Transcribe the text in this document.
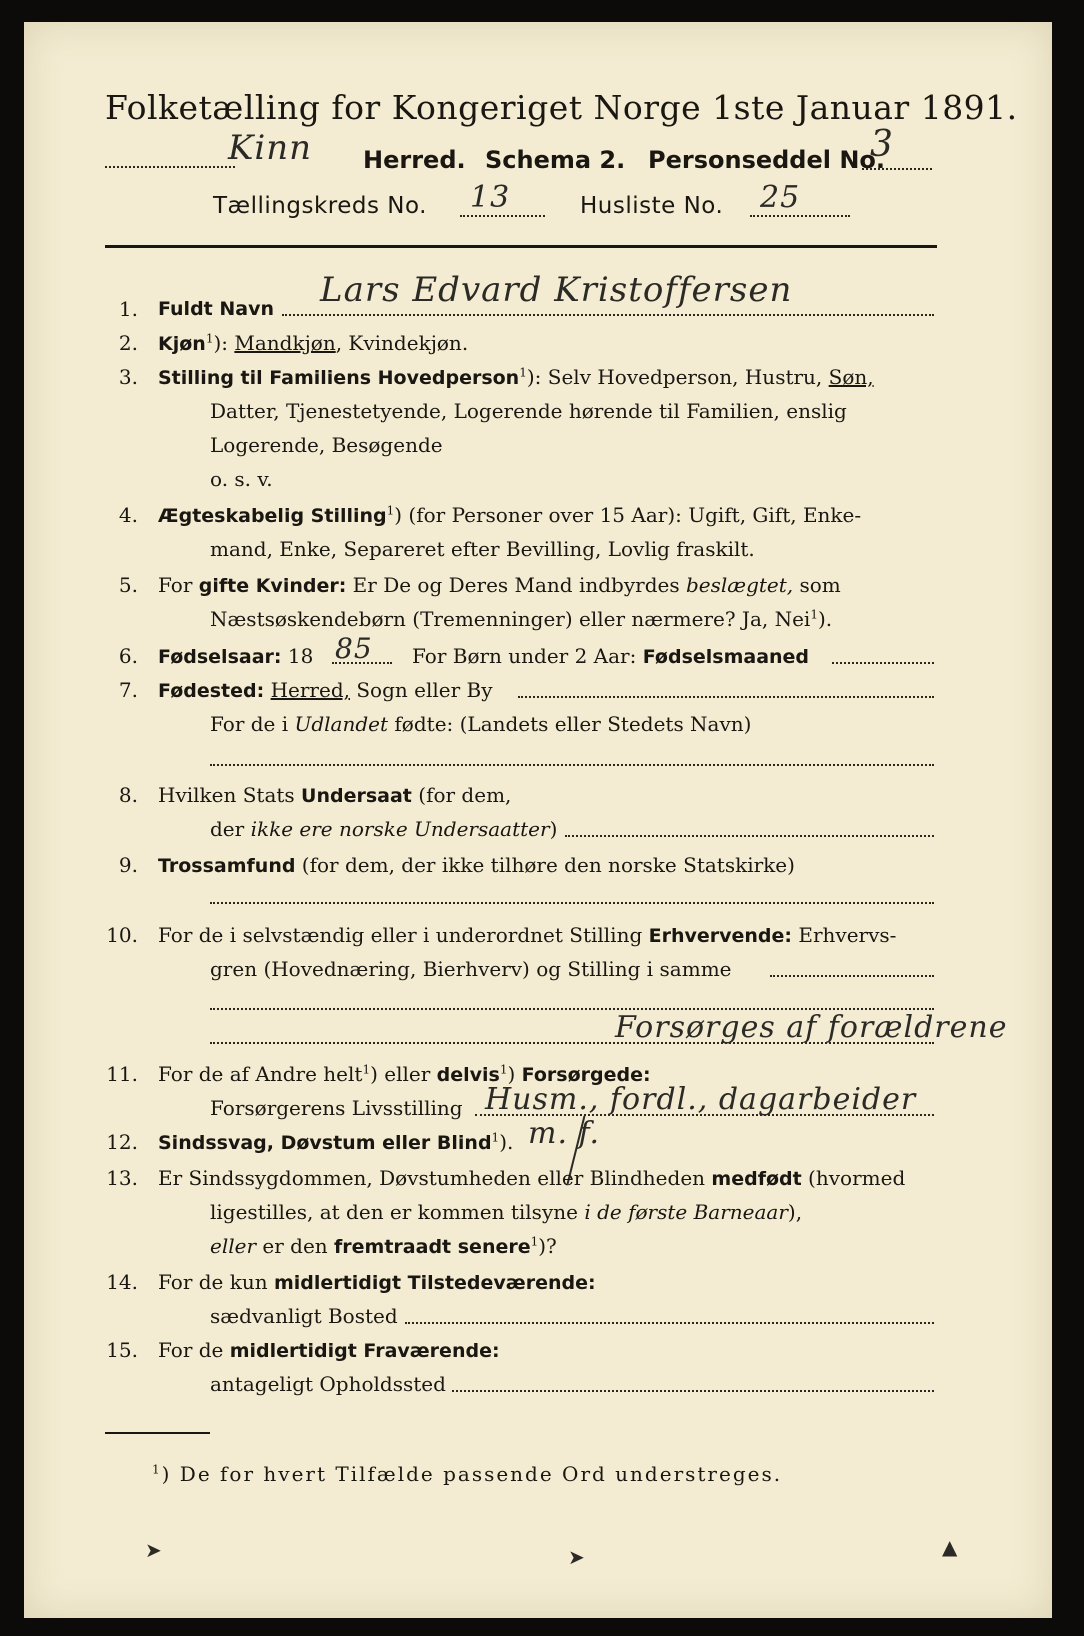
Folketælling for Kongeriget Norge 1ste Januar 1891.
Kinn Herred. Schema 2. Personseddel No.
3
Tællingskreds No. 13	Husliste No. 25
1. Fuldt Navn Lars Edvard Kristoffersen
2. Kjøn$^1$): Mandkjøn, Kvindekjøn.
3. Stilling til Familiens Hovedperson$^1$): Selv Hovedperson, Hustru, Søn,
Datter, Tjenestetyende, Logerende hørende til Familien, enslig
Logerende, Besøgende
o. s. v.
4. Ægteskabelig Stilling$^1$) (for Personer over 15 Aar): Ugift, Gift, Enke-
mand, Enke, Separeret efter Bevilling, Lovlig fraskilt.
5. For gifte Kvinder: Er De og Deres Mand indbyrdes beslægtet, som
Næstsøskendebørn (Tremenninger) eller nærmere? Ja, Nei$^1$).
6. Fødselsaar: 18 85 For Børn under 2 Aar: Fødselsmaaned
7. Fødested: Herred, Sogn eller By
For de i Udlandet fødte: (Landets eller Stedets Navn)
8. Hvilken Stats Undersaat (for dem,
der ikke ere norske Undersaatter)
9. Trossamfund (for dem, der ikke tilhøre den norske Statskirke)
10. For de i selvstændig eller i underordnet Stilling Erhvervende: Erhvervs-
gren (Hovednæring, Bierhverv) og Stilling i samme
Forsørges af forældrene
11. For de af Andre helt$^1$) eller delvis$^1$) Forsørgede:
Forsørgerens Livsstilling Husm., fordl., dagarbeider
12. Sindssvag, Døvstum eller Blind$^1$). m. f.
13. Er Sindssygdommen, Døvstumheden eller Blindheden medfødt (hvormed
ligestilles, at den er kommen tilsyne i de første Barneaar),
eller er den fremtraadt senere$^1$)?
14. For de kun midlertidigt Tilstedeværende:
sædvanligt Bosted
15. For de midlertidigt Fraværende:
antageligt Opholdssted
$^1$) De for hvert Tilfælde passende Ord understreges.
➤	➤	▲
